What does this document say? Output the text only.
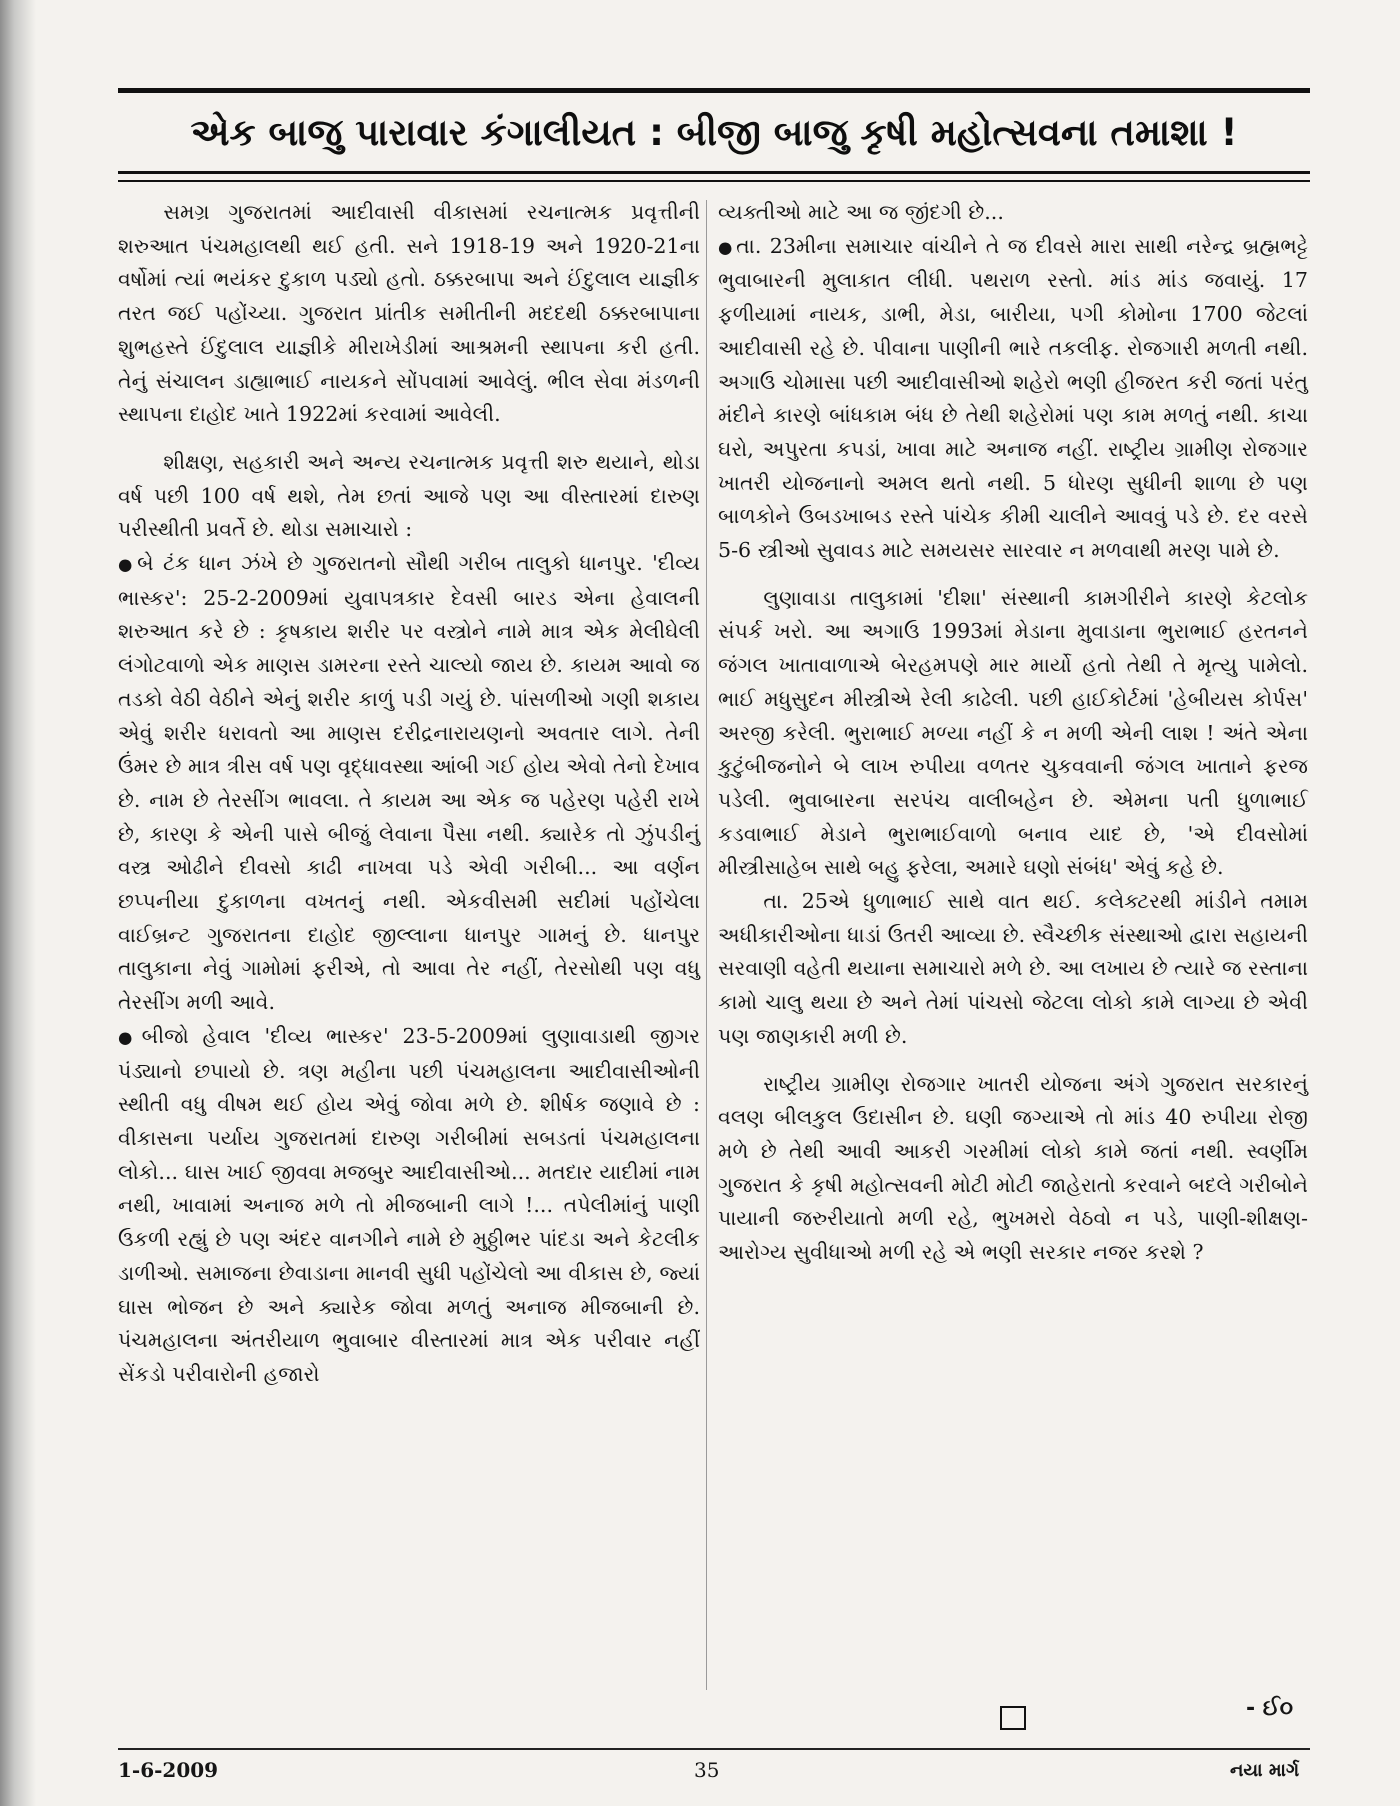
એક બાજુ પારાવાર કંગાલીયત : બીજી બાજુ કૃષી મહોત્સવના તમાશા !

સમગ્ર ગુજરાતમાં આદીવાસી વીકાસમાં રચનાત્મક પ્રવૃત્તીની શરુઆત પંચમહાલથી થઈ હતી. સને 1918-19 અને 1920-21ના વર્ષોમાં ત્યાં ભયંકર દુકાળ પડ્યો હતો. ઠક્કરબાપા અને ઈંદુલાલ યાજ્ઞીક તરત જઈ પહોંચ્યા. ગુજરાત પ્રાંતીક સમીતીની મદદથી ઠક્કરબાપાના શુભહસ્તે ઈંદુલાલ યાજ્ઞીકે મીરાખેડીમાં આશ્રમની સ્થાપના કરી હતી. તેનું સંચાલન ડાહ્યાભાઈ નાયકને સોંપવામાં આવેલું. ભીલ સેવા મંડળની સ્થાપના દાહોદ ખાતે 1922માં કરવામાં આવેલી.

શીક્ષણ, સહકારી અને અન્ય રચનાત્મક પ્રવૃત્તી શરુ થયાને, થોડા વર્ષ પછી 100 વર્ષ થશે, તેમ છતાં આજે પણ આ વીસ્તારમાં દારુણ પરીસ્થીતી પ્રવર્તે છે. થોડા સમાચારો :

● બે ટંક ધાન ઝંખે છે ગુજરાતનો સૌથી ગરીબ તાલુકો ધાનપુર. 'દીવ્ય ભાસ્કર': 25-2-2009માં યુવાપત્રકાર દેવસી બારડ એના હેવાલની શરુઆત કરે છે : કૃષકાય શરીર પર વસ્ત્રોને નામે માત્ર એક મેલીઘેલી લંગોટવાળો એક માણસ ડામરના રસ્તે ચાલ્યો જાય છે. કાયમ આવો જ તડકો વેઠી વેઠીને એનું શરીર કાળું પડી ગયું છે. પાંસળીઓ ગણી શકાય એવું શરીર ધરાવતો આ માણસ દરીદ્રનારાયણનો અવતાર લાગે. તેની ઉંમર છે માત્ર ત્રીસ વર્ષ પણ વૃદ્ધાવસ્થા આંબી ગઈ હોય એવો તેનો દેખાવ છે. નામ છે તેરસીંગ ભાવલા. તે કાયમ આ એક જ પહેરણ પહેરી રાખે છે, કારણ કે એની પાસે બીજું લેવાના પૈસા નથી. ક્યારેક તો ઝુંપડીનું વસ્ત્ર ઓઢીને દીવસો કાઢી નાખવા પડે એવી ગરીબી... આ વર્ણન છપ્પનીયા દુકાળના વખતનું નથી. એકવીસમી સદીમાં પહોંચેલા વાઈબ્રન્ટ ગુજરાતના દાહોદ જીલ્લાના ધાનપુર ગામનું છે. ધાનપુર તાલુકાના નેવું ગામોમાં ફરીએ, તો આવા તેર નહીં, તેરસોથી પણ વધુ તેરસીંગ મળી આવે.

● બીજો હેવાલ 'દીવ્ય ભાસ્કર' 23-5-2009માં લુણાવાડાથી જીગર પંડ્યાનો છપાયો છે. ત્રણ મહીના પછી પંચમહાલના આદીવાસીઓની સ્થીતી વધુ વીષમ થઈ હોય એવું જોવા મળે છે. શીર્ષક જણાવે છે : વીકાસના પર્યાય ગુજરાતમાં દારુણ ગરીબીમાં સબડતાં પંચમહાલના લોકો... ઘાસ ખાઈ જીવવા મજબુર આદીવાસીઓ... મતદાર યાદીમાં નામ નથી, ખાવામાં અનાજ મળે તો મીજબાની લાગે !... તપેલીમાંનું પાણી ઉકળી રહ્યું છે પણ અંદર વાનગીને નામે છે મુઠ્ઠીભર પાંદડા અને કેટલીક ડાળીઓ. સમાજના છેવાડાના માનવી સુધી પહોંચેલો આ વીકાસ છે, જ્યાં ઘાસ ભોજન છે અને ક્યારેક જોવા મળતું અનાજ મીજબાની છે. પંચમહાલના અંતરીયાળ ભુવાબાર વીસ્તારમાં માત્ર એક પરીવાર નહીં સેંકડો પરીવારોની હજારો

વ્યક્તીઓ માટે આ જ જીંદગી છે...

● તા. 23મીના સમાચાર વાંચીને તે જ દીવસે મારા સાથી નરેન્દ્ર બ્રહ્મભટ્ટે ભુવાબારની મુલાકાત લીધી. પથરાળ રસ્તો. માંડ માંડ જવાયું. 17 ફળીયામાં નાયક, ડાભી, મેડા, બારીયા, પગી કોમોના 1700 જેટલાં આદીવાસી રહે છે. પીવાના પાણીની ભારે તકલીફ. રોજગારી મળતી નથી. અગાઉ ચોમાસા પછી આદીવાસીઓ શહેરો ભણી હીજરત કરી જતાં પરંતુ મંદીને કારણે બાંધકામ બંધ છે તેથી શહેરોમાં પણ કામ મળતું નથી. કાચા ઘરો, અપુરતા કપડાં, ખાવા માટે અનાજ નહીં. રાષ્ટ્રીય ગ્રામીણ રોજગાર ખાતરી યોજનાનો અમલ થતો નથી. 5 ધોરણ સુધીની શાળા છે પણ બાળકોને ઉબડખાબડ રસ્તે પાંચેક કીમી ચાલીને આવવું પડે છે. દર વરસે 5-6 સ્ત્રીઓ સુવાવડ માટે સમયસર સારવાર ન મળવાથી મરણ પામે છે.

લુણાવાડા તાલુકામાં 'દીશા' સંસ્થાની કામગીરીને કારણે કેટલોક સંપર્ક ખરો. આ અગાઉ 1993માં મેડાના મુવાડાના ભુરાભાઈ હરતનને જંગલ ખાતાવાળાએ બેરહમપણે માર માર્યો હતો તેથી તે મૃત્યુ પામેલો. ભાઈ મધુસુદન મીસ્ત્રીએ રેલી કાઢેલી. પછી હાઈકોર્ટમાં 'હેબીયસ કોર્પસ' અરજી કરેલી. ભુરાભાઈ મળ્યા નહીં કે ન મળી એની લાશ ! અંતે એના કુટુંબીજનોને બે લાખ રુપીયા વળતર ચુકવવાની જંગલ ખાતાને ફરજ પડેલી. ભુવાબારના સરપંચ વાલીબહેન છે. એમના પતી ધુળાભાઈ કડવાભાઈ મેડાને ભુરાભાઈવાળો બનાવ યાદ છે, 'એ દીવસોમાં મીસ્ત્રીસાહેબ સાથે બહુ ફરેલા, અમારે ઘણો સંબંધ' એવું કહે છે.

તા. 25એ ધુળાભાઈ સાથે વાત થઈ. કલેક્ટરથી માંડીને તમામ અધીકારીઓના ધાડાં ઉતરી આવ્યા છે. સ્વૈચ્છીક સંસ્થાઓ દ્વારા સહાયની સરવાણી વહેતી થયાના સમાચારો મળે છે. આ લખાય છે ત્યારે જ રસ્તાના કામો ચાલુ થયા છે અને તેમાં પાંચસો જેટલા લોકો કામે લાગ્યા છે એવી પણ જાણકારી મળી છે.

રાષ્ટ્રીય ગ્રામીણ રોજગાર ખાતરી યોજના અંગે ગુજરાત સરકારનું વલણ બીલકુલ ઉદાસીન છે. ઘણી જગ્યાએ તો માંડ 40 રુપીયા રોજી મળે છે તેથી આવી આકરી ગરમીમાં લોકો કામે જતાં નથી. સ્વર્ણીમ ગુજરાત કે કૃષી મહોત્સવની મોટી મોટી જાહેરાતો કરવાને બદલે ગરીબોને પાયાની જરુરીયાતો મળી રહે, ભુખમરો વેઠવો ન પડે, પાણી-શીક્ષણ-આરોગ્ય સુવીધાઓ મળી રહે એ ભણી સરકાર નજર કરશે ?

- ઈ૦
1-6-2009	35	નયા માર્ગ
